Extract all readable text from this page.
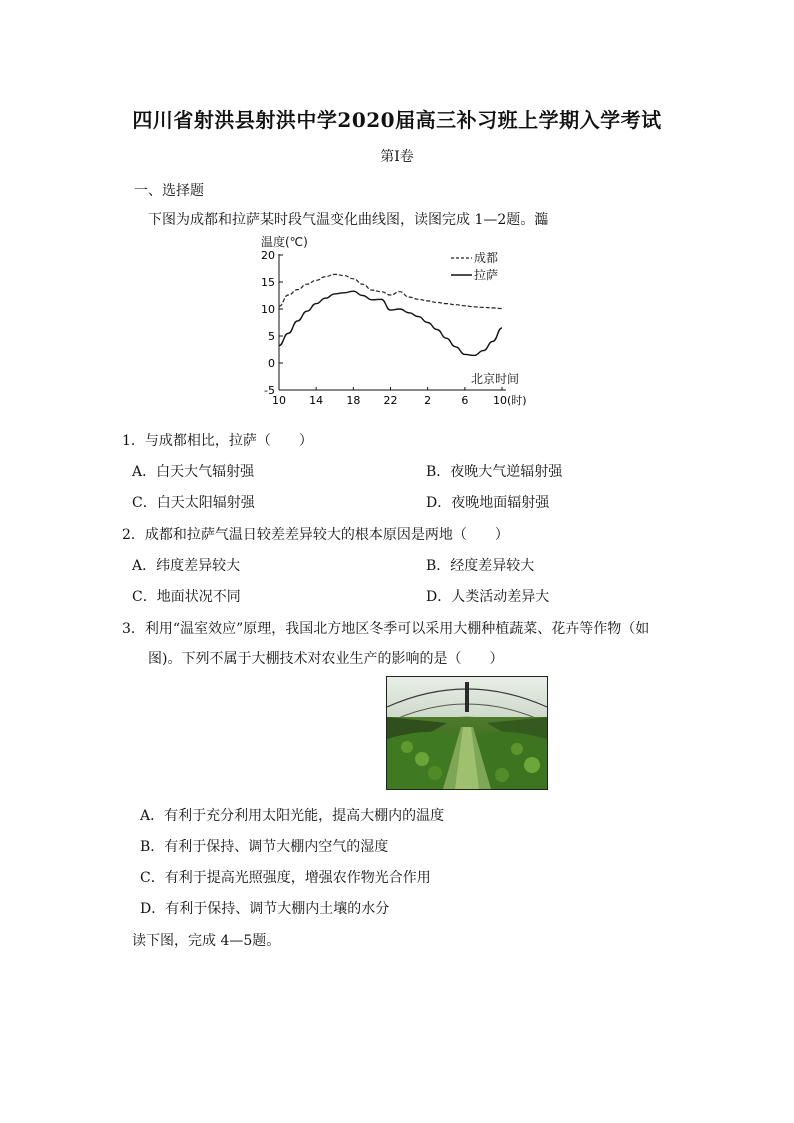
四川省射洪县射洪中学2020届高三补习班上学期入学考试
第I卷
一、选择题
下图为成都和拉萨某时段气温变化曲线图，读图完成 1—2题。瀶
温度(℃)
20
15
10
5
0
-5
10 14 18 22 2	6 10(时)
成都
拉萨
北京时间
1．与成都相比，拉萨（　　）
A．白天大气辐射强	B．夜晚大气逆辐射强
C．白天太阳辐射强	D．夜晚地面辐射强
2．成都和拉萨气温日较差差异较大的根本原因是两地（　　）
A．纬度差异较大	B．经度差异较大
C．地面状况不同	D．人类活动差异大
3．利用“温室效应”原理，我国北方地区冬季可以采用大棚种植蔬菜、花卉等作物（如
图)。下列不属于大棚技术对农业生产的影响的是（　　）
A．有利于充分利用太阳光能，提高大棚内的温度
B．有利于保持、调节大棚内空气的湿度
C．有利于提高光照强度，增强农作物光合作用
D．有利于保持、调节大棚内土壤的水分
读下图，完成 4—5题。
